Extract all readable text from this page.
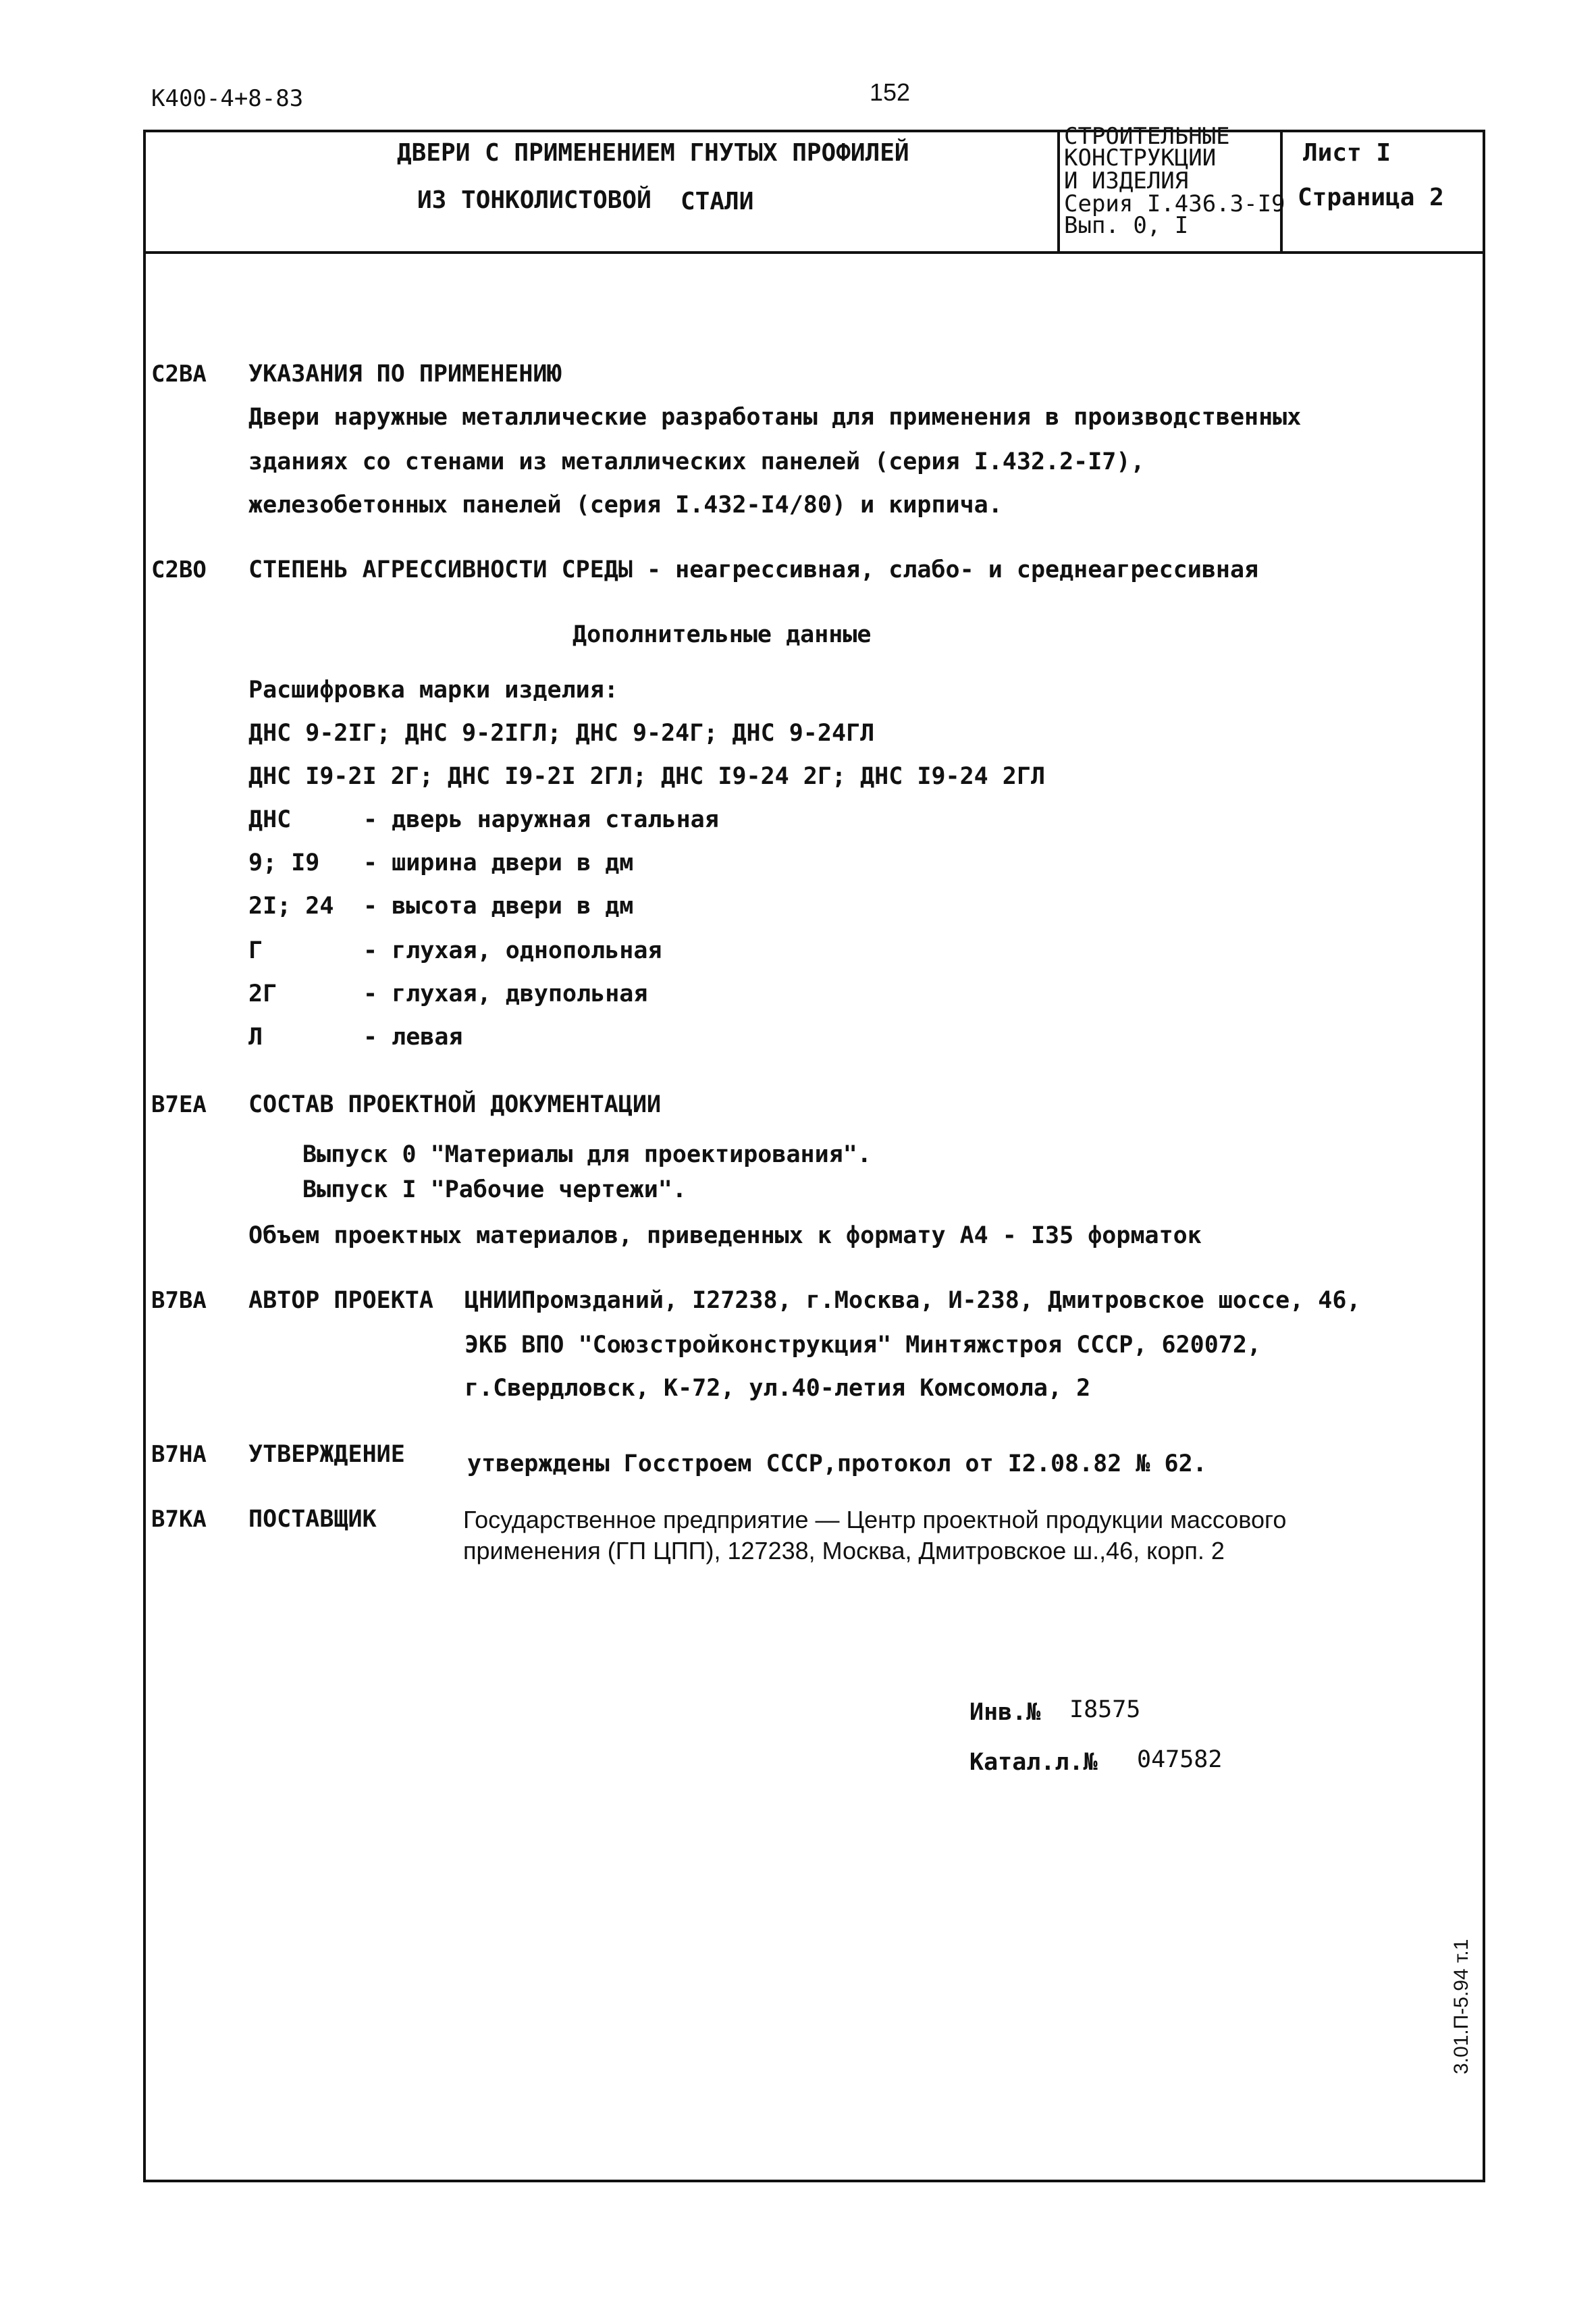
К400-4+8-83	152
ДВЕРИ С ПРИМЕНЕНИЕМ ГНУТЫХ ПРОФИЛЕЙ
ИЗ ТОНКОЛИСТОВОЙ СТАЛИ
СТРОИТЕЛЬНЫЕ
КОНСТРУКЦИИ
И ИЗДЕЛИЯ
Серия I.436.3-I9
Вып. 0, I
Лист I
Страница 2
C2BA УКАЗАНИЯ ПО ПРИМЕНЕНИЮ
Двери наружные металлические разработаны для применения в производственных
зданиях со стенами из металлических панелей (серия I.432.2-I7),
железобетонных панелей (серия I.432-I4/80) и кирпича.
C2BO СТЕПЕНЬ АГРЕССИВНОСТИ СРЕДЫ - неагрессивная, слабо- и среднеагрессивная
Дополнительные данные
Расшифровка марки изделия:
ДНС 9-2IГ; ДНС 9-2IГЛ; ДНС 9-24Г; ДНС 9-24ГЛ
ДНС I9-2I 2Г; ДНС I9-2I 2ГЛ; ДНС I9-24 2Г; ДНС I9-24 2ГЛ
ДНС	- дверь наружная стальная
9; I9 - ширина двери в дм
2I; 24 - высота двери в дм
Г	- глухая, однопольная
2Г	- глухая, двупольная
Л	- левая
B7EA СОСТАВ ПРОЕКТНОЙ ДОКУМЕНТАЦИИ
Выпуск 0 "Материалы для проектирования".
Выпуск I "Рабочие чертежи".
Объем проектных материалов, приведенных к формату А4 - I35 форматок
B7BA АВТОР ПРОЕКТА ЦНИИПромзданий, I27238, г.Москва, И-238, Дмитровское шоссе, 46,
ЭКБ ВПО "Союзстройконструкция" Минтяжстроя СССР, 620072,
г.Свердловск, К-72, ул.40-летия Комсомола, 2
B7HA УТВЕРЖДЕНИЕ	утверждены Госстроем СССР,протокол от I2.08.82 № 62.
B7KA ПОСТАВЩИК	Государственное предприятие — Центр проектной продукции массового
применения (ГП ЦПП), 127238, Москва, Дмитровское ш.,46, корп. 2
Инв.№ I8575
Катал.л.№ 047582
3.01.П-5.94 т.1
